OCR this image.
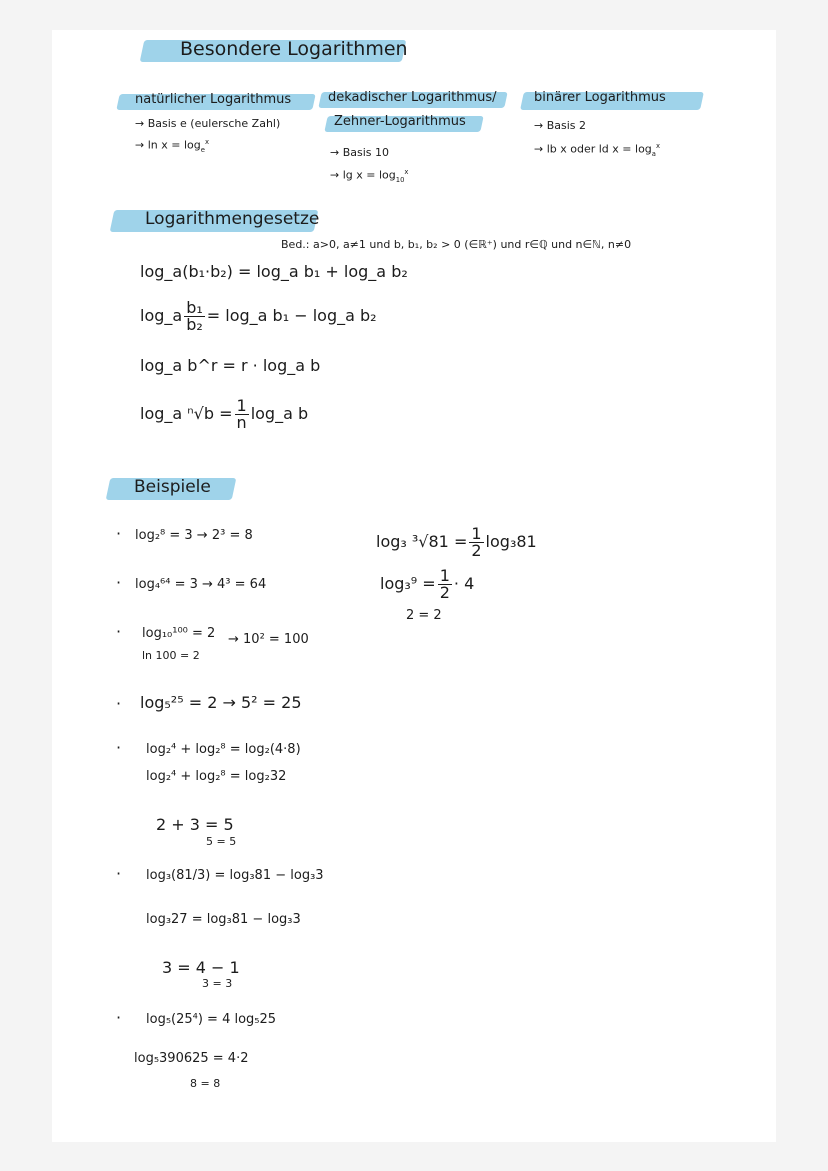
Besondere Logarithmen
natürlicher Logarithmus
→ Basis e (eulersche Zahl)
→ $\ln x = \log_e^x$
dekadischer Logarithmus/
Zehner-Logarithmus
→ Basis 10
→ $\lg x = \log_{10}^x$
binärer Logarithmus
→ Basis 2
→ lb x oder ld $x = \log_a^x$
Logarithmengesetze
Bed.: a>0, a≠1 und b, b₁, b₂ > 0 (∈ℝ⁺) und r∈ℚ und n∈ℕ, n≠0
log_a(b₁·b₂) = log_a b₁ + log_a b₂
log_a $\frac{\text{b₁}}{\text{b₂}}$ = log_a b₁ − log_a b₂
log_a b^r = r · log_a b
log_a $^n√b = \frac{1}{n}$ log_a b
Beispiele
· log₂⁸ = 3 → 2³ = 8
· log₄⁶⁴ = 3 → 4³ = 64
· log₁₀¹⁰⁰ = 2
ln 100 = 2
→ 10² = 100
· log₅²⁵ = 2 → 5² = 25
· log₂⁴ + log₂⁸ = log₂(4·8)
log₂⁴ + log₂⁸ = log₂32
2 + 3 = 5
5 = 5
· log₃(81/3) = log₃81 − log₃3
log₃27 = log₃81 − log₃3
3 = 4 − 1
3 = 3
· log₅(25⁴) = 4 log₅25
log₅390625 = 4·2
8 = 8
log₃ $^3√81 = \frac{1}{2} \log_381$
$\log_3^9 = \frac{1}{2} \cdot 4$
2 = 2
